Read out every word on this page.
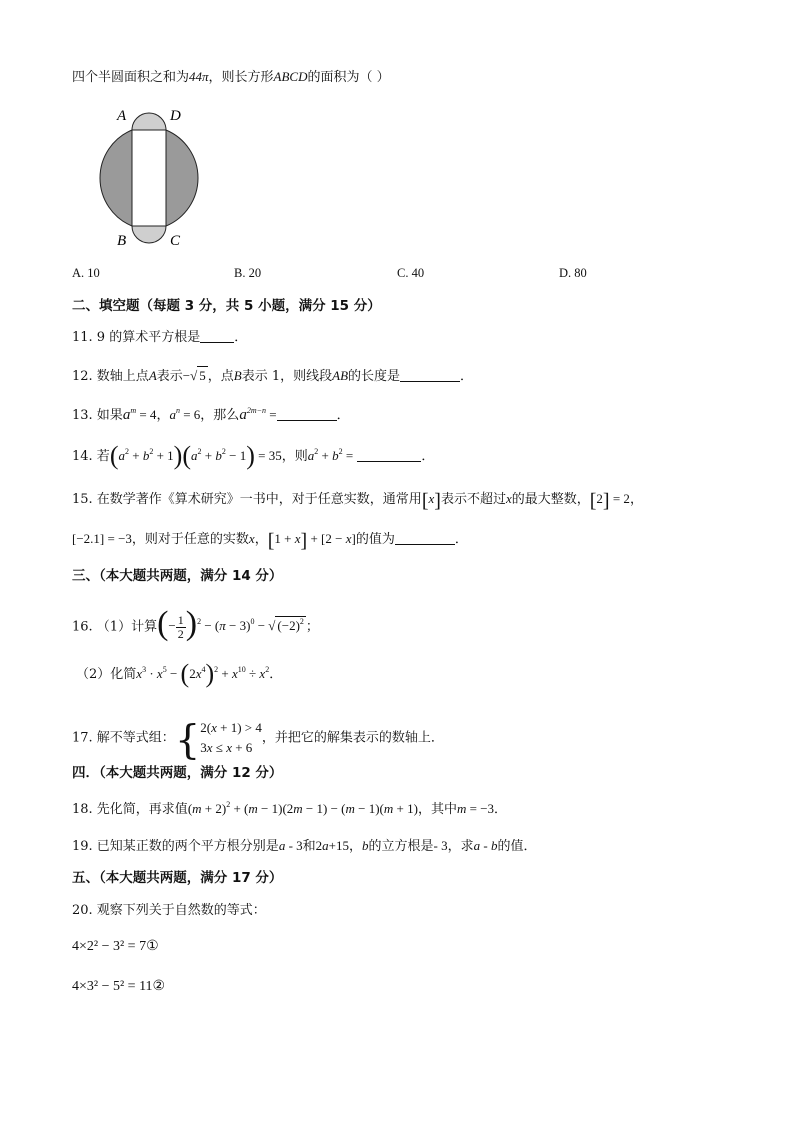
四个半圆面积之和为44π，则长方形ABCD的面积为（ ）
A	D
B	C
A. 10	B. 20	C. 40	D. 80
二、填空题（每题 3 分，共 5 小题，满分 15 分）
11. 9 的算术平方根是	．
12. 数轴上点A表示−√ 5 ，点B表示 1，则线段AB的长度是	．
13. 如果$a^m = 4$，$a^n = 6$，那么$a^{2m-n}$ =	．
14. 若$(a^2 + b^2 + 1)(a^2 + b^2 - 1) = 35$，则$a^2 + b^2$ =	．
15. 在数学著作《算术研究》一书中，对于任意实数，通常用[x]表示不超过x的最大整数，[2] = 2，
[−2.1] = −3，则对于任意的实数x，[1 + x] + [2 − x]的值为	．
三、（本大题共两题，满分 14 分）
16. （1）计算(− $\frac{1}{2} )^2 - (\pi - 3)^0$ − √ $(-2)^2$ ；
（2）化简$x^3 \cdot x^5 - (2x^4)^2 + x^{10} \div x^2$．
17. 解不等式组：{ 2(x + 1) > 4
3x ≤ x + 6
，并把它的解集表示的数轴上．
四．（本大题共两题，满分 12 分）
18. 先化简，再求值$(m + 2)^2 + (m - 1)(2m - 1) - (m - 1)(m + 1)$，其中m = −3．
19. 已知某正数的两个平方根分别是a - 3和2a+15，b的立方根是- 3，求a - b的值．
五、（本大题共两题，满分 17 分）
20. 观察下列关于自然数的等式：
4×2² − 3² = 7①
4×3² − 5² = 11②
